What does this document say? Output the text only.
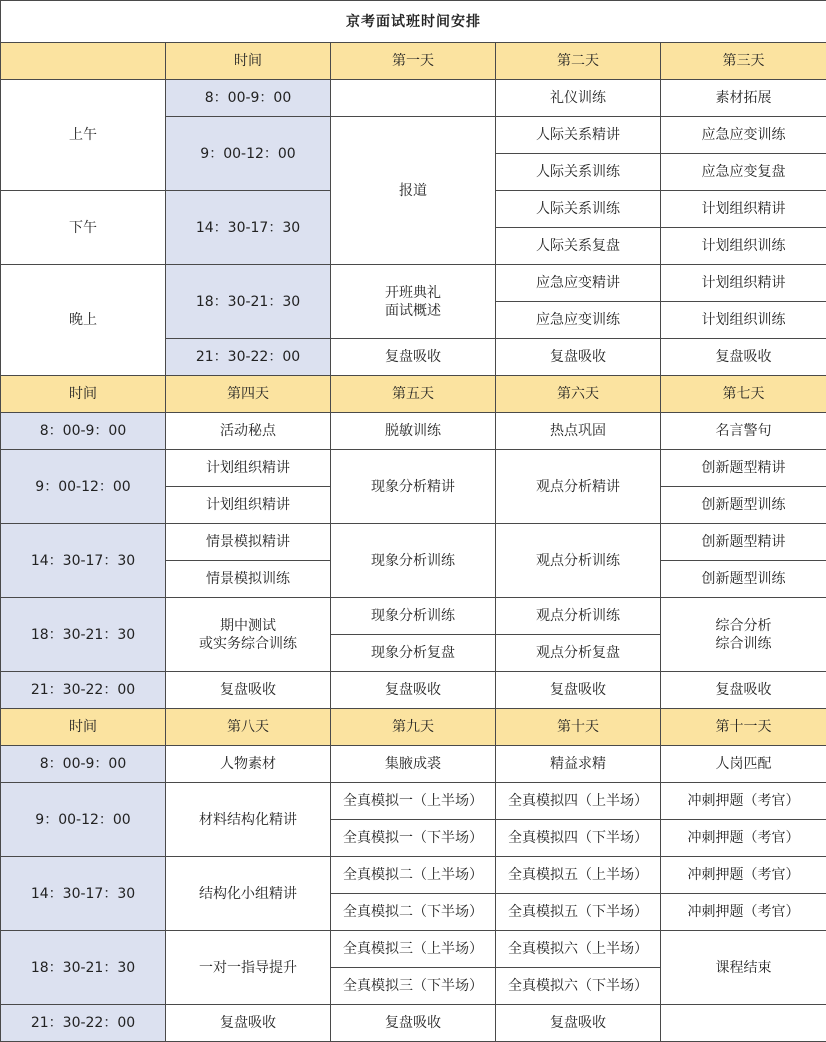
京考面试班时间安排				
	时间	第一天	第二天	第三天
上午	8：00-9：00		礼仪训练	素材拓展
	9：00-12：00	报道	人际关系精讲	应急应变训练
			人际关系训练	应急应变复盘
下午	14：30-17：30		人际关系训练	计划组织精讲
			人际关系复盘	计划组织训练
晚上	18：30-21：30	开班典礼
面试概述	应急应变精讲	计划组织精讲
			应急应变训练	计划组织训练
	21：30-22：00	复盘吸收	复盘吸收	复盘吸收
时间	第四天	第五天	第六天	第七天
8：00-9：00	活动秘点	脱敏训练	热点巩固	名言警句
9：00-12：00	计划组织精讲	现象分析精讲	观点分析精讲	创新题型精讲
	计划组织精讲			创新题型训练
14：30-17：30	情景模拟精讲	现象分析训练	观点分析训练	创新题型精讲
	情景模拟训练			创新题型训练
18：30-21：30	期中测试
或实务综合训练	现象分析训练	观点分析训练	综合分析
综合训练
		现象分析复盘	观点分析复盘	
21：30-22：00	复盘吸收	复盘吸收	复盘吸收	复盘吸收
时间	第八天	第九天	第十天	第十一天
8：00-9：00	人物素材	集腋成裘	精益求精	人岗匹配
9：00-12：00	材料结构化精讲	全真模拟一（上半场）	全真模拟四（上半场）	冲刺押题（考官）
		全真模拟一（下半场）	全真模拟四（下半场）	冲刺押题（考官）
14：30-17：30	结构化小组精讲	全真模拟二（上半场）	全真模拟五（上半场）	冲刺押题（考官）
		全真模拟二（下半场）	全真模拟五（下半场）	冲刺押题（考官）
18：30-21：30	一对一指导提升	全真模拟三（上半场）	全真模拟六（上半场）	课程结束
		全真模拟三（下半场）	全真模拟六（下半场）	
21：30-22：00	复盘吸收	复盘吸收	复盘吸收	
